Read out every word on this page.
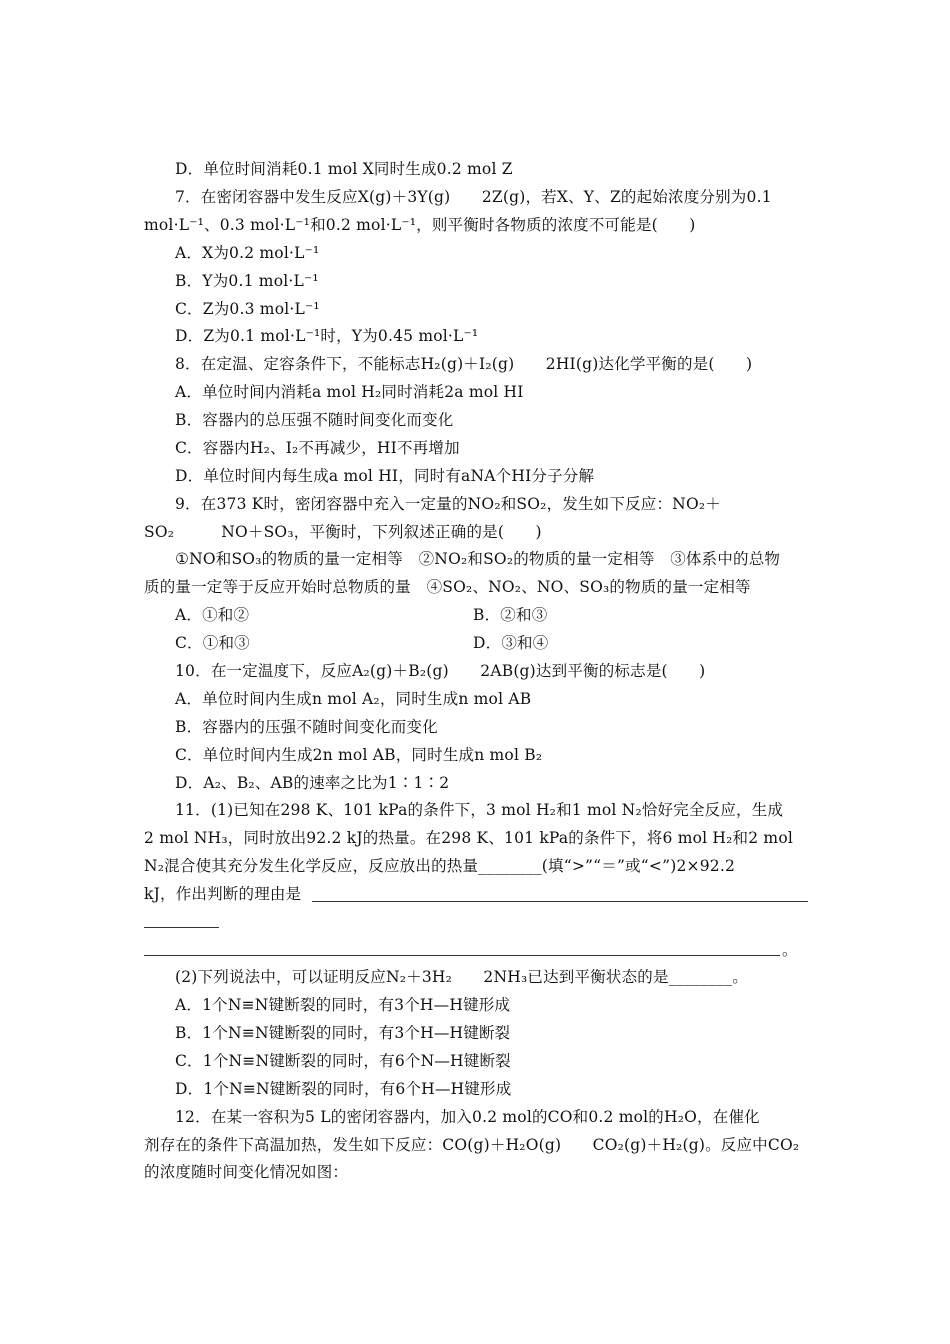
D．单位时间消耗0.1 mol X同时生成0.2 mol Z
7．在密闭容器中发生反应X(g)＋3Y(g)　　2Z(g)，若X、Y、Z的起始浓度分别为0.1
mol·L⁻¹、0.3 mol·L⁻¹和0.2 mol·L⁻¹，则平衡时各物质的浓度不可能是(　　)
A．X为0.2 mol·L⁻¹
B．Y为0.1 mol·L⁻¹
C．Z为0.3 mol·L⁻¹
D．Z为0.1 mol·L⁻¹时，Y为0.45 mol·L⁻¹
8．在定温、定容条件下，不能标志H₂(g)＋I₂(g)　　2HI(g)达化学平衡的是(　　)
A．单位时间内消耗a mol H₂同时消耗2a mol HI
B．容器内的总压强不随时间变化而变化
C．容器内H₂、I₂不再减少，HI不再增加
D．单位时间内每生成a mol HI，同时有aNA个HI分子分解
9．在373 K时，密闭容器中充入一定量的NO₂和SO₂，发生如下反应：NO₂＋
SO₂　　　NO＋SO₃，平衡时，下列叙述正确的是(　　)
①NO和SO₃的物质的量一定相等　②NO₂和SO₂的物质的量一定相等　③体系中的总物
质的量一定等于反应开始时总物质的量　④SO₂、NO₂、NO、SO₃的物质的量一定相等
A．①和②	B．②和③
C．①和③	D．③和④
10．在一定温度下，反应A₂(g)＋B₂(g)　　2AB(g)达到平衡的标志是(　　)
A．单位时间内生成n mol A₂，同时生成n mol AB
B．容器内的压强不随时间变化而变化
C．单位时间内生成2n mol AB，同时生成n mol B₂
D．A₂、B₂、AB的速率之比为1∶1∶2
11．(1)已知在298 K、101 kPa的条件下，3 mol H₂和1 mol N₂恰好完全反应，生成
2 mol NH₃，同时放出92.2 kJ的热量。在298 K、101 kPa的条件下，将6 mol H₂和2 mol
N₂混合使其充分发生化学反应，反应放出的热量________(填“>”“＝”或“<”)2×92.2
kJ，作出判断的理由是
。
(2)下列说法中，可以证明反应N₂＋3H₂　　2NH₃已达到平衡状态的是________。
A．1个N≡N键断裂的同时，有3个H—H键形成
B．1个N≡N键断裂的同时，有3个H—H键断裂
C．1个N≡N键断裂的同时，有6个N—H键断裂
D．1个N≡N键断裂的同时，有6个H—H键形成
12．在某一容积为5 L的密闭容器内，加入0.2 mol的CO和0.2 mol的H₂O，在催化
剂存在的条件下高温加热，发生如下反应：CO(g)＋H₂O(g)　　CO₂(g)＋H₂(g)。反应中CO₂
的浓度随时间变化情况如图：
